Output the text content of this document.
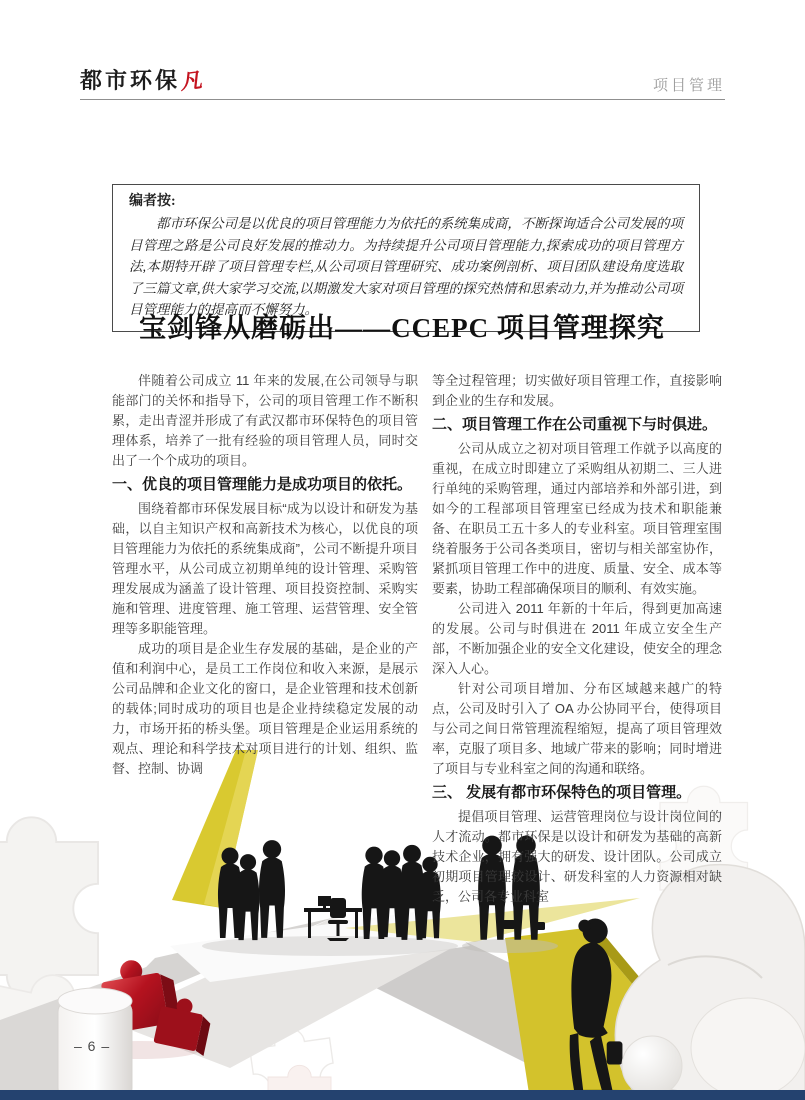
都市环保 凡	项目管理

编者按:

都市环保公司是以优良的项目管理能力为依托的系统集成商，不断探询适合公司发展的项目管理之路是公司良好发展的推动力。为持续提升公司项目管理能力,探索成功的项目管理方法,本期特开辟了项目管理专栏,从公司项目管理研究、成功案例剖析、项目团队建设角度选取了三篇文章,供大家学习交流,以期激发大家对项目管理的探究热情和思索动力,并为推动公司项目管理能力的提高而不懈努力。

宝剑锋从磨砺出——CCEPC 项目管理探究

伴随着公司成立 11 年来的发展,在公司领导与职能部门的关怀和指导下，公司的项目管理工作不断积累，走出青涩并形成了有武汉都市环保特色的项目管理体系，培养了一批有经验的项目管理人员，同时交出了一个个成功的项目。

一、优良的项目管理能力是成功项目的依托。

围绕着都市环保发展目标“成为以设计和研发为基础，以自主知识产权和高新技术为核心，以优良的项目管理能力为依托的系统集成商”，公司不断提升项目管理水平，从公司成立初期单纯的设计管理、采购管理发展成为涵盖了设计管理、项目投资控制、采购实施和管理、进度管理、施工管理、运营管理、安全管理等多职能管理。

成功的项目是企业生存发展的基础，是企业的产值和利润中心，是员工工作岗位和收入来源，是展示公司品牌和企业文化的窗口，是企业管理和技术创新的载体;同时成功的项目也是企业持续稳定发展的动力，市场开拓的桥头堡。项目管理是企业运用系统的观点、理论和科学技术对项目进行的计划、组织、监督、控制、协调

等全过程管理；切实做好项目管理工作，直接影响到企业的生存和发展。

二、项目管理工作在公司重视下与时俱进。

公司从成立之初对项目管理工作就予以高度的重视，在成立时即建立了采购组从初期二、三人进行单纯的采购管理，通过内部培养和外部引进，到如今的工程部项目管理室已经成为技术和职能兼备、在职员工五十多人的专业科室。项目管理室围绕着服务于公司各类项目，密切与相关部室协作，紧抓项目管理工作中的进度、质量、安全、成本等要素，协助工程部确保项目的顺利、有效实施。

公司进入 2011 年新的十年后，得到更加高速的发展。公司与时俱进在 2011 年成立安全生产部，不断加强企业的安全文化建设，使安全的理念深入人心。

针对公司项目增加、分布区域越来越广的特点，公司及时引入了 OA 办公协同平台，使得项目与公司之间日常管理流程缩短，提高了项目管理效率，克服了项目多、地域广带来的影响；同时增进了项目与专业科室之间的沟通和联络。

三、 发展有都市环保特色的项目管理。

提倡项目管理、运营管理岗位与设计岗位间的人才流动。都市环保是以设计和研发为基础的高新技术企业，拥有强大的研发、设计团队。公司成立初期项目管理较设计、研发科室的人力资源相对缺乏，公司各专业科室

– 6 –
